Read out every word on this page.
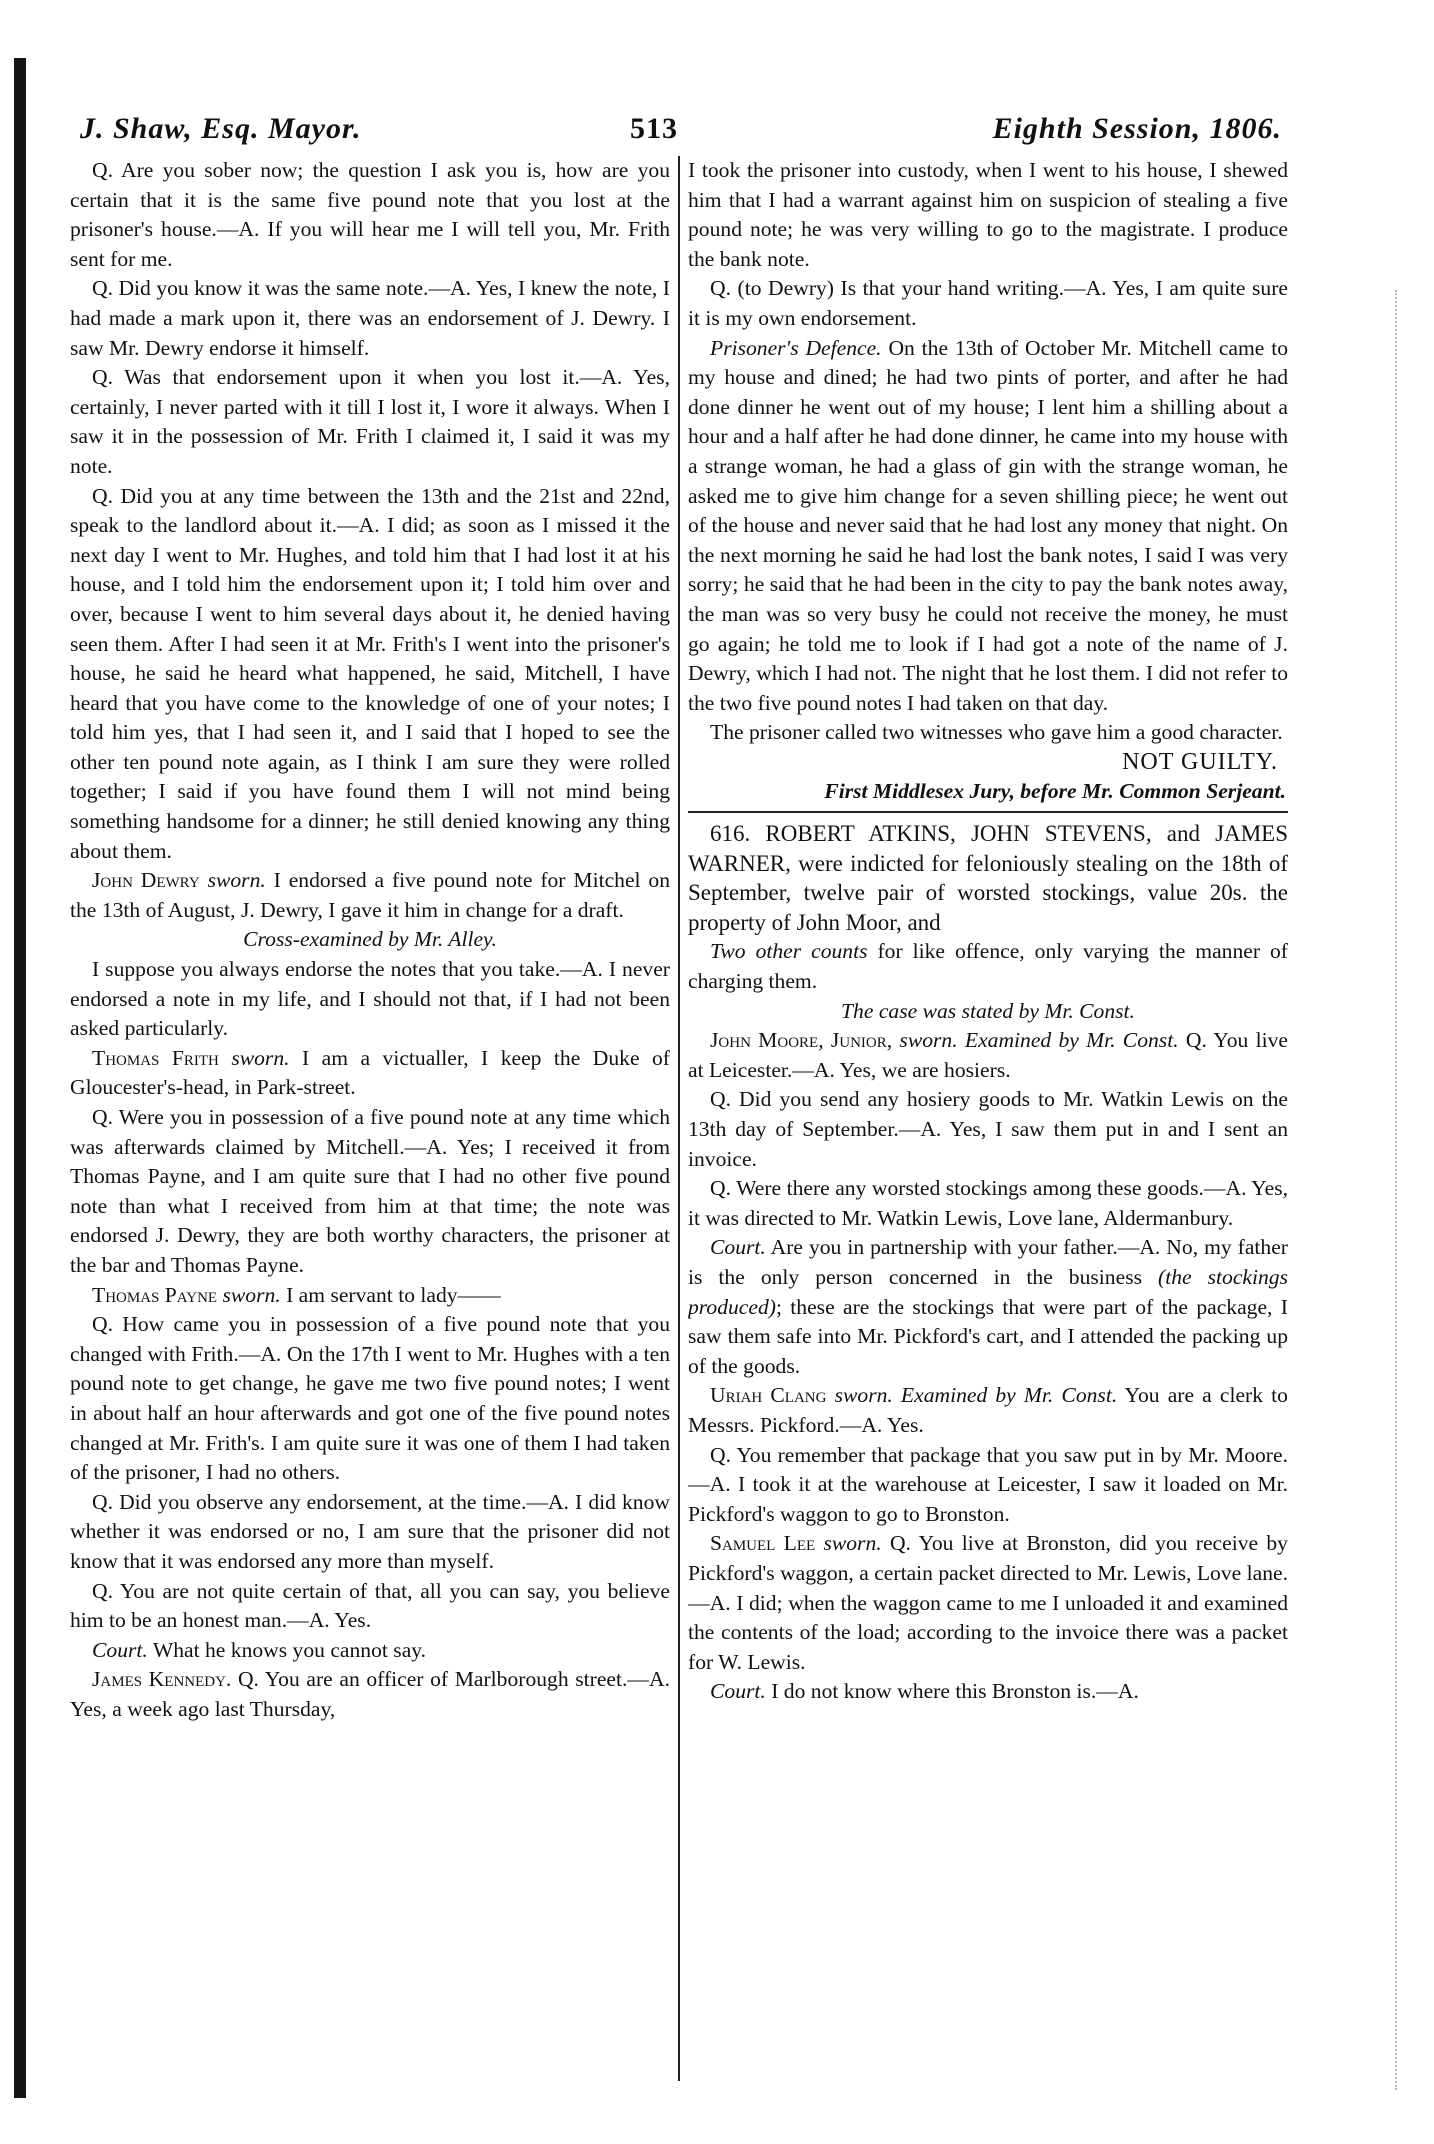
J. Shaw, Esq. Mayor.	513	Eighth Session, 1806.

Q. Are you sober now; the question I ask you is, how are you certain that it is the same five pound note that you lost at the prisoner's house.—A. If you will hear me I will tell you, Mr. Frith sent for me.

Q. Did you know it was the same note.—A. Yes, I knew the note, I had made a mark upon it, there was an endorsement of J. Dewry. I saw Mr. Dewry endorse it himself.

Q. Was that endorsement upon it when you lost it.—A. Yes, certainly, I never parted with it till I lost it, I wore it always. When I saw it in the possession of Mr. Frith I claimed it, I said it was my note.

Q. Did you at any time between the 13th and the 21st and 22nd, speak to the landlord about it.—A. I did; as soon as I missed it the next day I went to Mr. Hughes, and told him that I had lost it at his house, and I told him the endorsement upon it; I told him over and over, because I went to him several days about it, he denied having seen them. After I had seen it at Mr. Frith's I went into the prisoner's house, he said he heard what happened, he said, Mitchell, I have heard that you have come to the knowledge of one of your notes; I told him yes, that I had seen it, and I said that I hoped to see the other ten pound note again, as I think I am sure they were rolled together; I said if you have found them I will not mind being something handsome for a dinner; he still denied knowing any thing about them.

John Dewry sworn. I endorsed a five pound note for Mitchel on the 13th of August, J. Dewry, I gave it him in change for a draft.

Cross-examined by Mr. Alley.

I suppose you always endorse the notes that you take.—A. I never endorsed a note in my life, and I should not that, if I had not been asked particularly.

Thomas Frith sworn. I am a victualler, I keep the Duke of Gloucester's-head, in Park-street.

Q. Were you in possession of a five pound note at any time which was afterwards claimed by Mitchell.—A. Yes; I received it from Thomas Payne, and I am quite sure that I had no other five pound note than what I received from him at that time; the note was endorsed J. Dewry, they are both worthy characters, the prisoner at the bar and Thomas Payne.

Thomas Payne sworn. I am servant to lady——

Q. How came you in possession of a five pound note that you changed with Frith.—A. On the 17th I went to Mr. Hughes with a ten pound note to get change, he gave me two five pound notes; I went in about half an hour afterwards and got one of the five pound notes changed at Mr. Frith's. I am quite sure it was one of them I had taken of the prisoner, I had no others.

Q. Did you observe any endorsement, at the time.—A. I did know whether it was endorsed or no, I am sure that the prisoner did not know that it was endorsed any more than myself.

Q. You are not quite certain of that, all you can say, you believe him to be an honest man.—A. Yes.

Court. What he knows you cannot say.

James Kennedy. Q. You are an officer of Marlborough street.—A. Yes, a week ago last Thursday,

I took the prisoner into custody, when I went to his house, I shewed him that I had a warrant against him on suspicion of stealing a five pound note; he was very willing to go to the magistrate. I produce the bank note.

Q. (to Dewry) Is that your hand writing.—A. Yes, I am quite sure it is my own endorsement.

Prisoner's Defence. On the 13th of October Mr. Mitchell came to my house and dined; he had two pints of porter, and after he had done dinner he went out of my house; I lent him a shilling about a hour and a half after he had done dinner, he came into my house with a strange woman, he had a glass of gin with the strange woman, he asked me to give him change for a seven shilling piece; he went out of the house and never said that he had lost any money that night. On the next morning he said he had lost the bank notes, I said I was very sorry; he said that he had been in the city to pay the bank notes away, the man was so very busy he could not receive the money, he must go again; he told me to look if I had got a note of the name of J. Dewry, which I had not. The night that he lost them. I did not refer to the two five pound notes I had taken on that day.

The prisoner called two witnesses who gave him a good character.

NOT GUILTY.

First Middlesex Jury, before Mr. Common Serjeant.

616. ROBERT ATKINS, JOHN STEVENS, and JAMES WARNER, were indicted for feloniously stealing on the 18th of September, twelve pair of worsted stockings, value 20s. the property of John Moor, and

Two other counts for like offence, only varying the manner of charging them.

The case was stated by Mr. Const.

John Moore, Junior, sworn. Examined by Mr. Const. Q. You live at Leicester.—A. Yes, we are hosiers.

Q. Did you send any hosiery goods to Mr. Watkin Lewis on the 13th day of September.—A. Yes, I saw them put in and I sent an invoice.

Q. Were there any worsted stockings among these goods.—A. Yes, it was directed to Mr. Watkin Lewis, Love lane, Aldermanbury.

Court. Are you in partnership with your father.—A. No, my father is the only person concerned in the business (the stockings produced); these are the stockings that were part of the package, I saw them safe into Mr. Pickford's cart, and I attended the packing up of the goods.

Uriah Clang sworn. Examined by Mr. Const. You are a clerk to Messrs. Pickford.—A. Yes.

Q. You remember that package that you saw put in by Mr. Moore.—A. I took it at the warehouse at Leicester, I saw it loaded on Mr. Pickford's waggon to go to Bronston.

Samuel Lee sworn. Q. You live at Bronston, did you receive by Pickford's waggon, a certain packet directed to Mr. Lewis, Love lane.—A. I did; when the waggon came to me I unloaded it and examined the contents of the load; according to the invoice there was a packet for W. Lewis.

Court. I do not know where this Bronston is.—A.
